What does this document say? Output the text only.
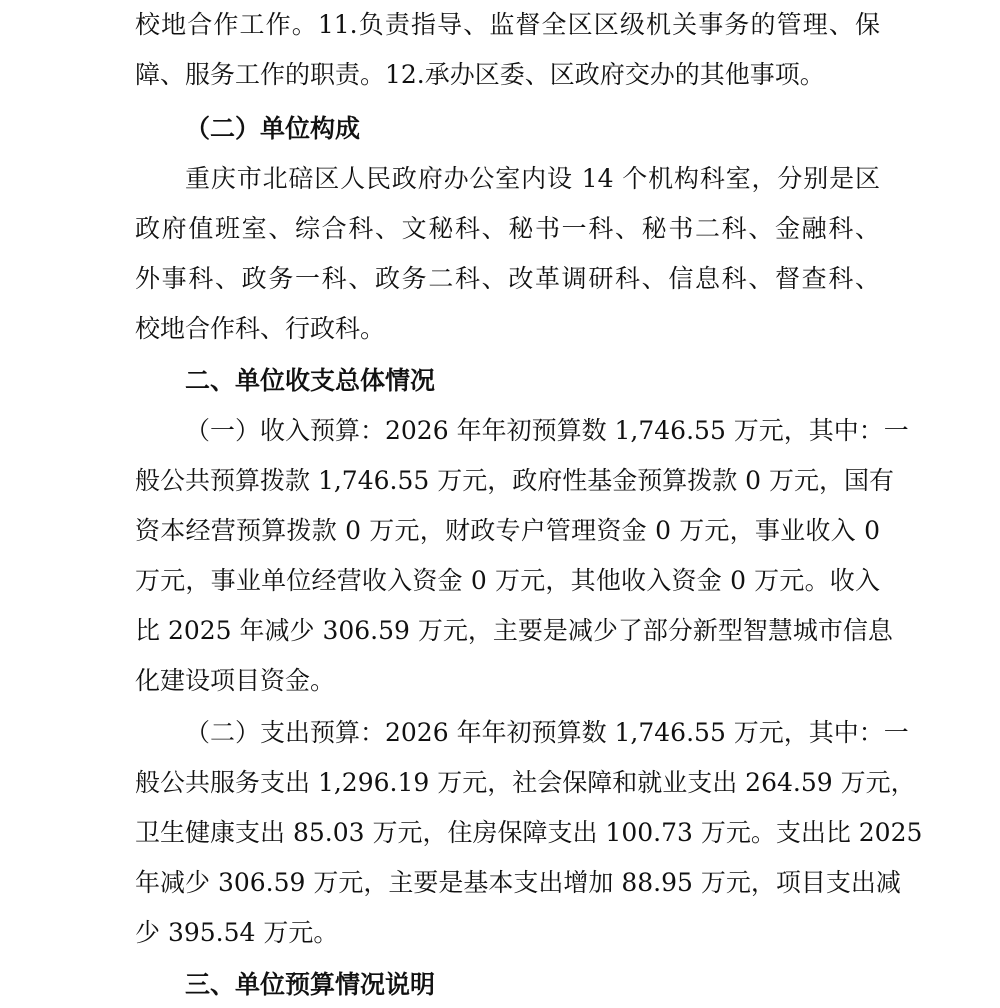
校地合作工作。11.负责指导、监督全区区级机关事务的管理、保
障、服务工作的职责。12.承办区委、区政府交办的其他事项。
（二）单位构成
重庆市北碚区人民政府办公室内设 14 个机构科室，分别是区
政府值班室、综合科、文秘科、秘书一科、秘书二科、金融科、
外事科、政务一科、政务二科、改革调研科、信息科、督查科、
校地合作科、行政科。
二、单位收支总体情况
（一）收入预算：2026 年年初预算数 1,746.55 万元，其中：一
般公共预算拨款 1,746.55 万元，政府性基金预算拨款 0 万元，国有
资本经营预算拨款 0 万元，财政专户管理资金 0 万元，事业收入 0
万元，事业单位经营收入资金 0 万元，其他收入资金 0 万元。收入
比 2025 年减少 306.59 万元，主要是减少了部分新型智慧城市信息
化建设项目资金。
（二）支出预算：2026 年年初预算数 1,746.55 万元，其中：一
般公共服务支出 1,296.19 万元，社会保障和就业支出 264.59 万元，
卫生健康支出 85.03 万元，住房保障支出 100.73 万元。支出比 2025
年减少 306.59 万元，主要是基本支出增加 88.95 万元，项目支出减
少 395.54 万元。
三、单位预算情况说明
